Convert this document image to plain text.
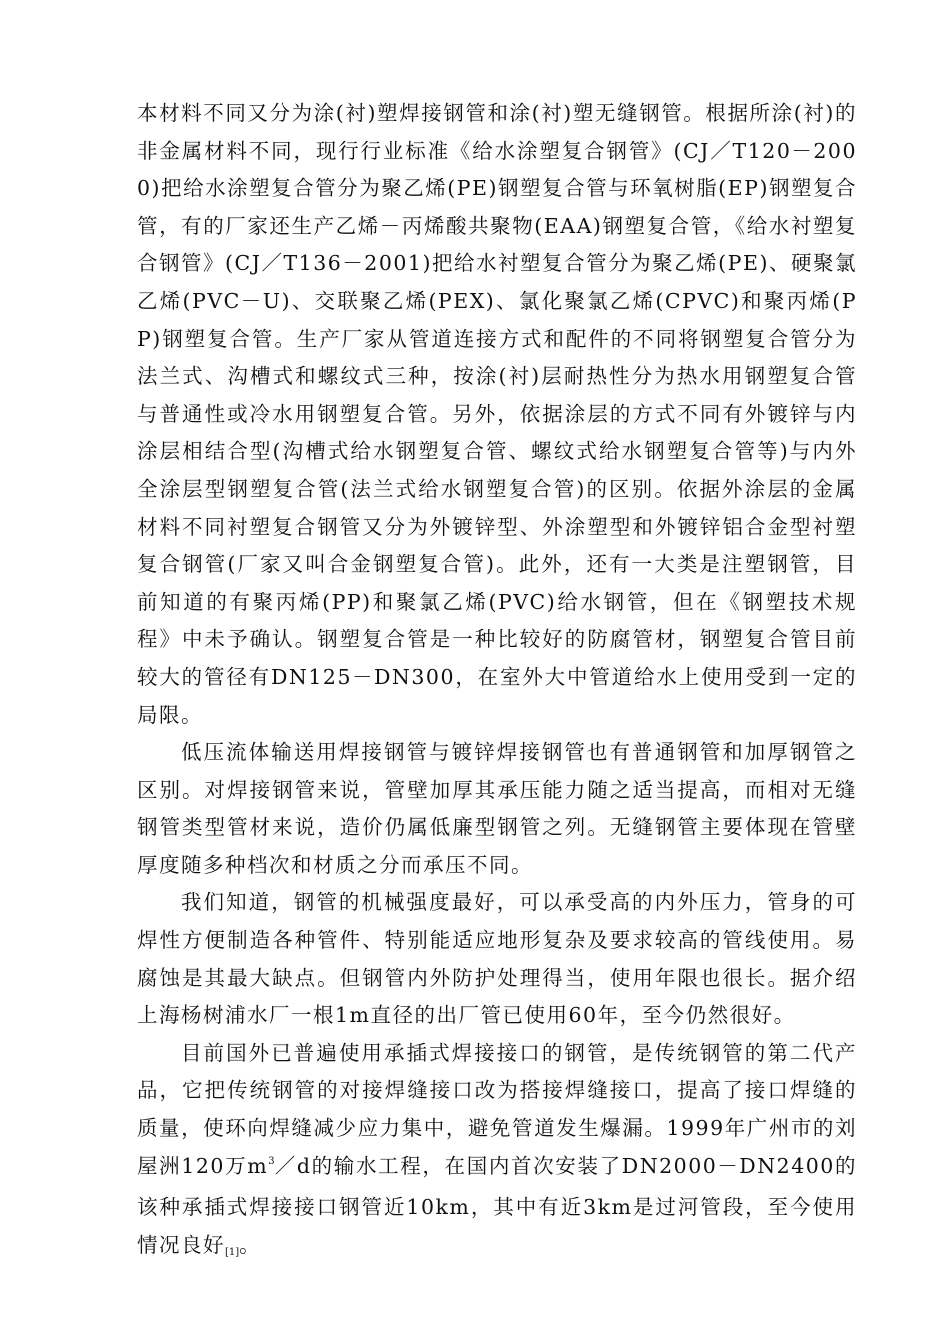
本材料不同又分为涂(衬)塑焊接钢管和涂(衬)塑无缝钢管。根据所涂(衬)的非金属材料不同，现行行业标准《给水涂塑复合钢管》(CJ／T120－2000)把给水涂塑复合管分为聚乙烯(PE)钢塑复合管与环氧树脂(EP)钢塑复合管，有的厂家还生产乙烯－丙烯酸共聚物(EAA)钢塑复合管，《给水衬塑复合钢管》(CJ／T136－2001)把给水衬塑复合管分为聚乙烯(PE)、硬聚氯乙烯(PVC－U)、交联聚乙烯(PEX)、氯化聚氯乙烯(CPVC)和聚丙烯(PP)钢塑复合管。生产厂家从管道连接方式和配件的不同将钢塑复合管分为法兰式、沟槽式和螺纹式三种，按涂(衬)层耐热性分为热水用钢塑复合管与普通性或冷水用钢塑复合管。另外，依据涂层的方式不同有外镀锌与内涂层相结合型(沟槽式给水钢塑复合管、螺纹式给水钢塑复合管等)与内外全涂层型钢塑复合管(法兰式给水钢塑复合管)的区别。依据外涂层的金属材料不同衬塑复合钢管又分为外镀锌型、外涂塑型和外镀锌铝合金型衬塑复合钢管(厂家又叫合金钢塑复合管)。此外，还有一大类是注塑钢管，目前知道的有聚丙烯(PP)和聚氯乙烯(PVC)给水钢管，但在《钢塑技术规程》中未予确认。钢塑复合管是一种比较好的防腐管材，钢塑复合管目前较大的管径有DN125－DN300，在室外大中管道给水上使用受到一定的局限。

低压流体输送用焊接钢管与镀锌焊接钢管也有普通钢管和加厚钢管之区别。对焊接钢管来说，管壁加厚其承压能力随之适当提高，而相对无缝钢管类型管材来说，造价仍属低廉型钢管之列。无缝钢管主要体现在管壁厚度随多种档次和材质之分而承压不同。

我们知道，钢管的机械强度最好，可以承受高的内外压力，管身的可焊性方便制造各种管件、特别能适应地形复杂及要求较高的管线使用。易腐蚀是其最大缺点。但钢管内外防护处理得当，使用年限也很长。据介绍上海杨树浦水厂一根1m直径的出厂管已使用60年，至今仍然很好。

目前国外已普遍使用承插式焊接接口的钢管，是传统钢管的第二代产品，它把传统钢管的对接焊缝接口改为搭接焊缝接口，提高了接口焊缝的质量，使环向焊缝减少应力集中，避免管道发生爆漏。1999年广州市的刘屋洲120万$m^3/d$的输水工程，在国内首次安装了DN2000－DN2400的该种承插式焊接接口钢管近10km，其中有近3km是过河管段，至今使用情况良好[1]。
